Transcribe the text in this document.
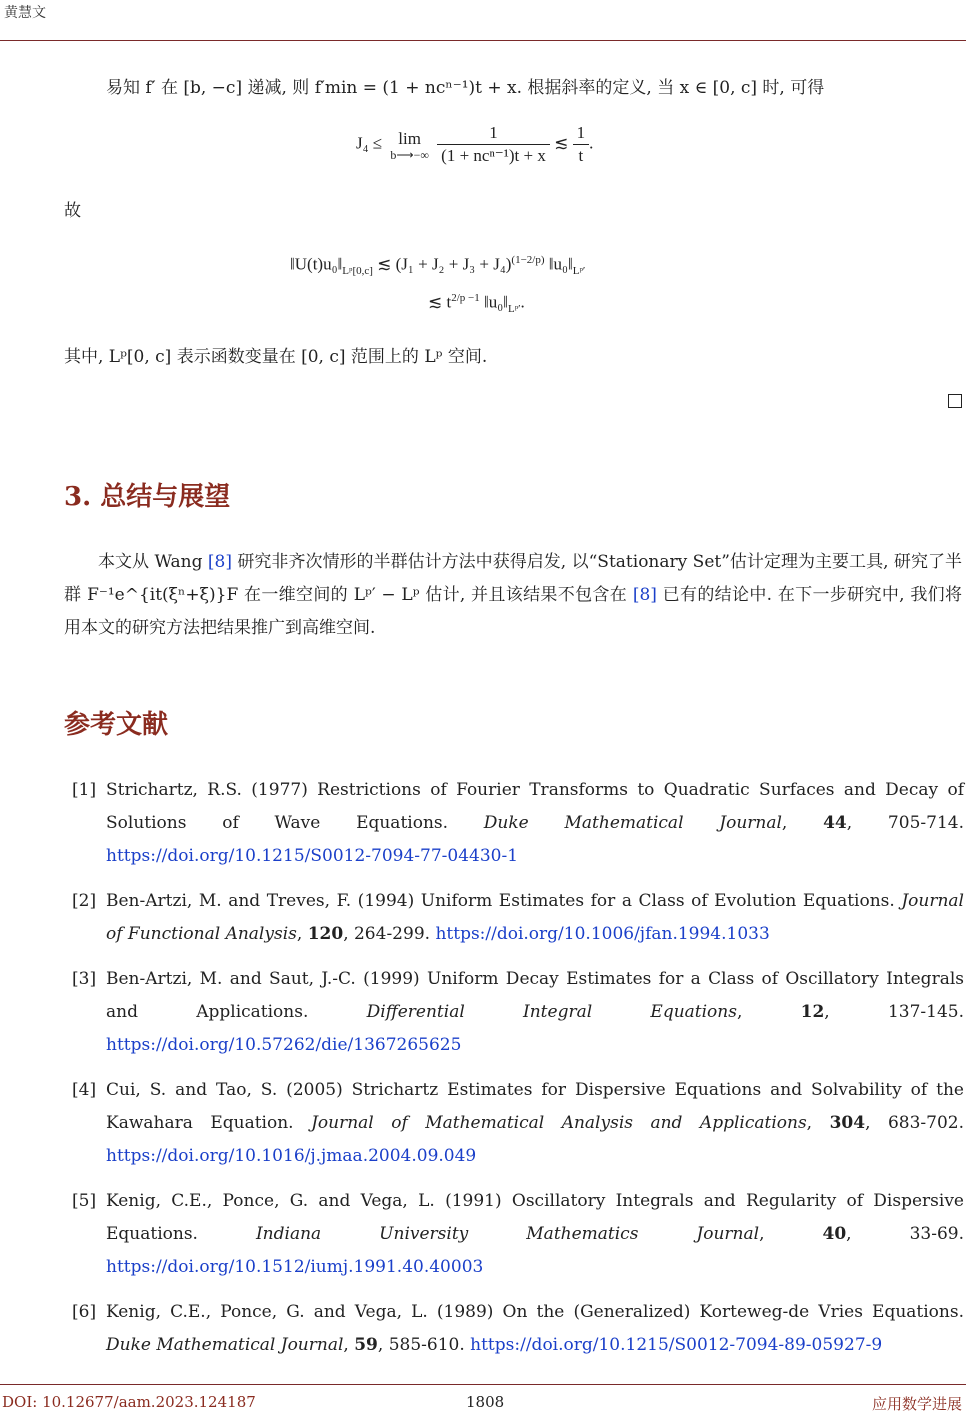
黄慧文

易知 f′ 在 [b, −c] 递减, 则 f′min = (1 + ncⁿ⁻¹)t + x. 根据斜率的定义, 当 x ∈ [0, c] 时, 可得

J₄ ≤ lim
b⟶−∞
$\frac{1}{\text{(1 + ncⁿ⁻¹)t + x}}$ ≲ $\frac{1}{t}$ .
故
$‖U(t)u_0‖_{Lᵖ[0,c]}$ ≲ $(J_1 + J_2 + J_3 + J_4)^{(1-2/p)}$ $‖u_0‖_{Lᵖ'}$
≲ $t^{2/p -1}$ $‖u_0‖_{Lᵖ'}$.
其中, Lᵖ[0, c] 表示函数变量在 [0, c] 范围上的 Lᵖ 空间.
3. 总结与展望

本文从 Wang [8] 研究非齐次情形的半群估计方法中获得启发, 以“Stationary Set”估计定理为主要工具, 研究了半群 F⁻¹e^{it(ξⁿ+ξ)}F 在一维空间的 Lᵖ′ − Lᵖ 估计, 并且该结果不包含在 [8] 已有的结论中. 在下一步研究中, 我们将用本文的研究方法把结果推广到高维空间.

参考文献
[1] Strichartz, R.S. (1977) Restrictions of Fourier Transforms to Quadratic Surfaces and Decay of Solutions of Wave Equations. Duke Mathematical Journal, 44, 705-714. https://doi.org/10.1215/S0012-7094-77-04430-1
[2] Ben-Artzi, M. and Treves, F. (1994) Uniform Estimates for a Class of Evolution Equations. Journal of Functional Analysis, 120, 264-299. https://doi.org/10.1006/jfan.1994.1033
[3] Ben-Artzi, M. and Saut, J.-C. (1999) Uniform Decay Estimates for a Class of Oscillatory Integrals and Applications. Differential Integral Equations, 12, 137-145. https://doi.org/10.57262/die/1367265625
[4] Cui, S. and Tao, S. (2005) Strichartz Estimates for Dispersive Equations and Solvability of the Kawahara Equation. Journal of Mathematical Analysis and Applications, 304, 683-702. https://doi.org/10.1016/j.jmaa.2004.09.049
[5] Kenig, C.E., Ponce, G. and Vega, L. (1991) Oscillatory Integrals and Regularity of Dispersive Equations. Indiana University Mathematics Journal, 40, 33-69. https://doi.org/10.1512/iumj.1991.40.40003
[6] Kenig, C.E., Ponce, G. and Vega, L. (1989) On the (Generalized) Korteweg-de Vries Equations. Duke Mathematical Journal, 59, 585-610. https://doi.org/10.1215/S0012-7094-89-05927-9
DOI: 10.12677/aam.2023.124187	1808	应用数学进展
